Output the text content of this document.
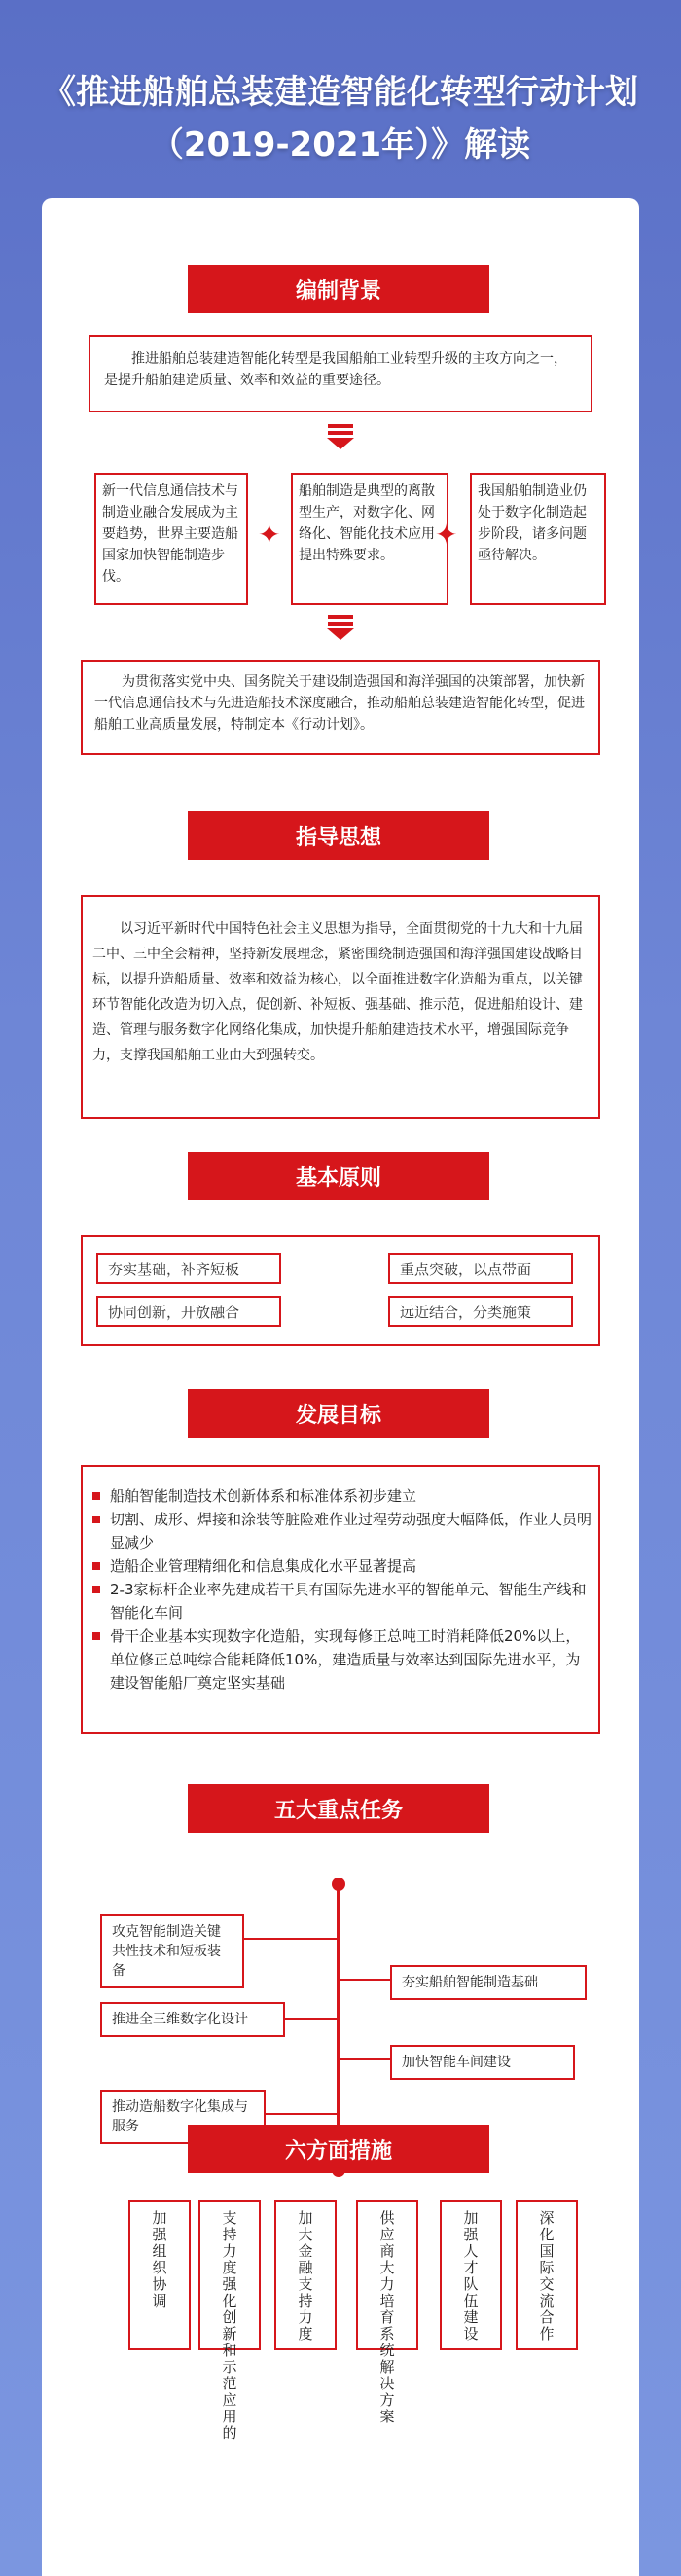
《推进船舶总装建造智能化转型行动计划
（2019-2021年）》解读
编制背景
推进船舶总装建造智能化转型是我国船舶工业转型升级的主攻方向之一，是提升船舶建造质量、效率和效益的重要途径。
新一代信息通信技术与制造业融合发展成为主要趋势，世界主要造船国家加快智能制造步伐。
✦
船舶制造是典型的离散型生产，对数字化、网络化、智能化技术应用提出特殊要求。
✦
我国船舶制造业仍处于数字化制造起步阶段，诸多问题亟待解决。
为贯彻落实党中央、国务院关于建设制造强国和海洋强国的决策部署，加快新一代信息通信技术与先进造船技术深度融合，推动船舶总装建造智能化转型，促进船舶工业高质量发展，特制定本《行动计划》。
指导思想
以习近平新时代中国特色社会主义思想为指导，全面贯彻党的十九大和十九届二中、三中全会精神，坚持新发展理念，紧密围绕制造强国和海洋强国建设战略目标，以提升造船质量、效率和效益为核心，以全面推进数字化造船为重点，以关键环节智能化改造为切入点，促创新、补短板、强基础、推示范，促进船舶设计、建造、管理与服务数字化网络化集成，加快提升船舶建造技术水平，增强国际竞争力，支撑我国船舶工业由大到强转变。
基本原则
夯实基础，补齐短板	重点突破，以点带面
协同创新，开放融合	远近结合，分类施策
发展目标
船舶智能制造技术创新体系和标准体系初步建立
切割、成形、焊接和涂装等脏险难作业过程劳动强度大幅降低，作业人员明显减少
造船企业管理精细化和信息集成化水平显著提高
2-3家标杆企业率先建成若干具有国际先进水平的智能单元、智能生产线和智能化车间
骨干企业基本实现数字化造船，实现每修正总吨工时消耗降低20%以上，单位修正总吨综合能耗降低10%，建造质量与效率达到国际先进水平，为建设智能船厂奠定坚实基础
五大重点任务
攻克智能制造关键共性技术和短板装备
夯实船舶智能制造基础
推进全三维数字化设计
加快智能车间建设
推动造船数字化集成与服务
六方面措施
加强组织协调
支持力度强化创新和示范应用的
加大金融支持力度
供应商大力培育系统解决方案
加强人才队伍建设
深化国际交流合作
